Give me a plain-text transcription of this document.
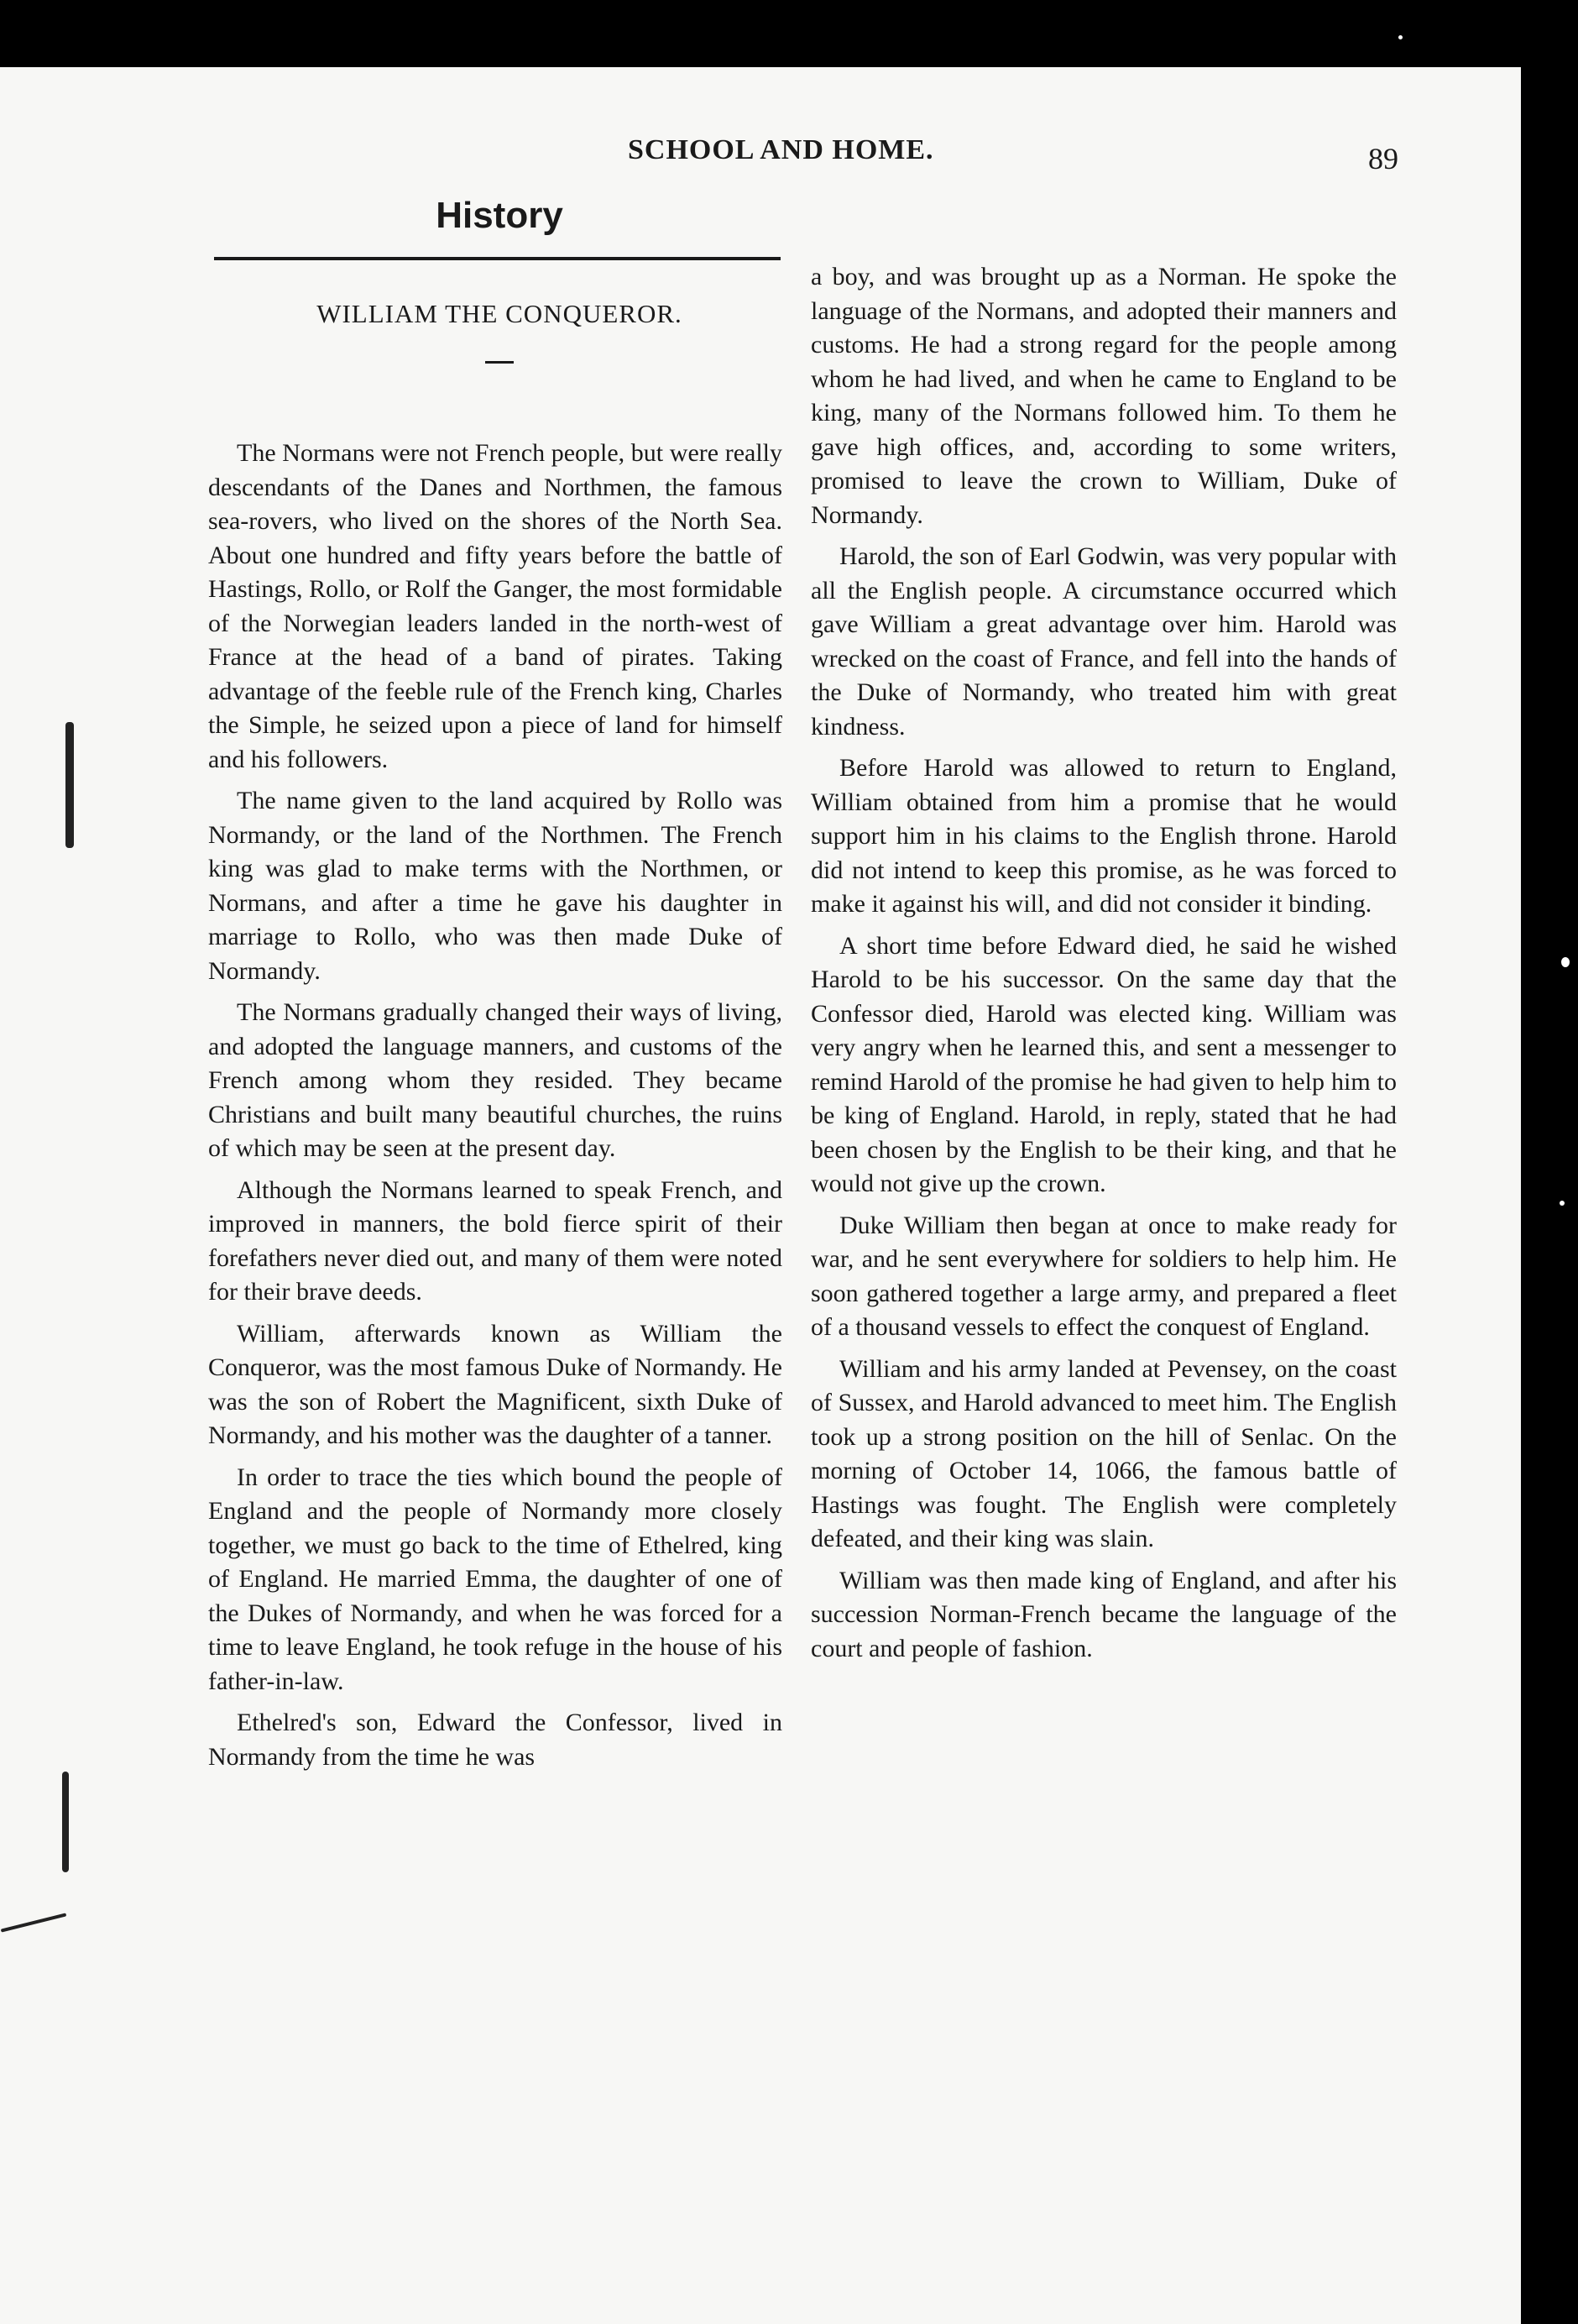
SCHOOL AND HOME.	89
History
WILLIAM THE CONQUEROR.

The Normans were not French people, but were really descendants of the Danes and Northmen, the famous sea-rovers, who lived on the shores of the North Sea. About one hundred and fifty years before the battle of Hastings, Rollo, or Rolf the Ganger, the most formidable of the Norwegian leaders landed in the north-west of France at the head of a band of pirates. Taking advantage of the feeble rule of the French king, Charles the Simple, he seized upon a piece of land for himself and his followers.

The name given to the land acquired by Rollo was Normandy, or the land of the Northmen. The French king was glad to make terms with the Northmen, or Normans, and after a time he gave his daughter in marriage to Rollo, who was then made Duke of Normandy.

The Normans gradually changed their ways of living, and adopted the language manners, and customs of the French among whom they resided. They became Christians and built many beautiful churches, the ruins of which may be seen at the present day.

Although the Normans learned to speak French, and improved in manners, the bold fierce spirit of their forefathers never died out, and many of them were noted for their brave deeds.

William, afterwards known as William the Conqueror, was the most famous Duke of Normandy. He was the son of Robert the Magnificent, sixth Duke of Normandy, and his mother was the daughter of a tanner.

In order to trace the ties which bound the people of England and the people of Normandy more closely together, we must go back to the time of Ethelred, king of England. He married Emma, the daughter of one of the Dukes of Normandy, and when he was forced for a time to leave England, he took refuge in the house of his father-in-law.

Ethelred's son, Edward the Confessor, lived in Normandy from the time he was

a boy, and was brought up as a Norman. He spoke the language of the Normans, and adopted their manners and customs. He had a strong regard for the people among whom he had lived, and when he came to England to be king, many of the Normans followed him. To them he gave high offices, and, according to some writers, promised to leave the crown to William, Duke of Normandy.

Harold, the son of Earl Godwin, was very popular with all the English people. A circumstance occurred which gave William a great advantage over him. Harold was wrecked on the coast of France, and fell into the hands of the Duke of Normandy, who treated him with great kindness.

Before Harold was allowed to return to England, William obtained from him a promise that he would support him in his claims to the English throne. Harold did not intend to keep this promise, as he was forced to make it against his will, and did not consider it binding.

A short time before Edward died, he said he wished Harold to be his successor. On the same day that the Confessor died, Harold was elected king. William was very angry when he learned this, and sent a messenger to remind Harold of the promise he had given to help him to be king of England. Harold, in reply, stated that he had been chosen by the English to be their king, and that he would not give up the crown.

Duke William then began at once to make ready for war, and he sent everywhere for soldiers to help him. He soon gathered together a large army, and prepared a fleet of a thousand vessels to effect the conquest of England.

William and his army landed at Pevensey, on the coast of Sussex, and Harold advanced to meet him. The English took up a strong position on the hill of Senlac. On the morning of October 14, 1066, the famous battle of Hastings was fought. The English were completely defeated, and their king was slain.

William was then made king of England, and after his succession Norman-French became the language of the court and people of fashion.
